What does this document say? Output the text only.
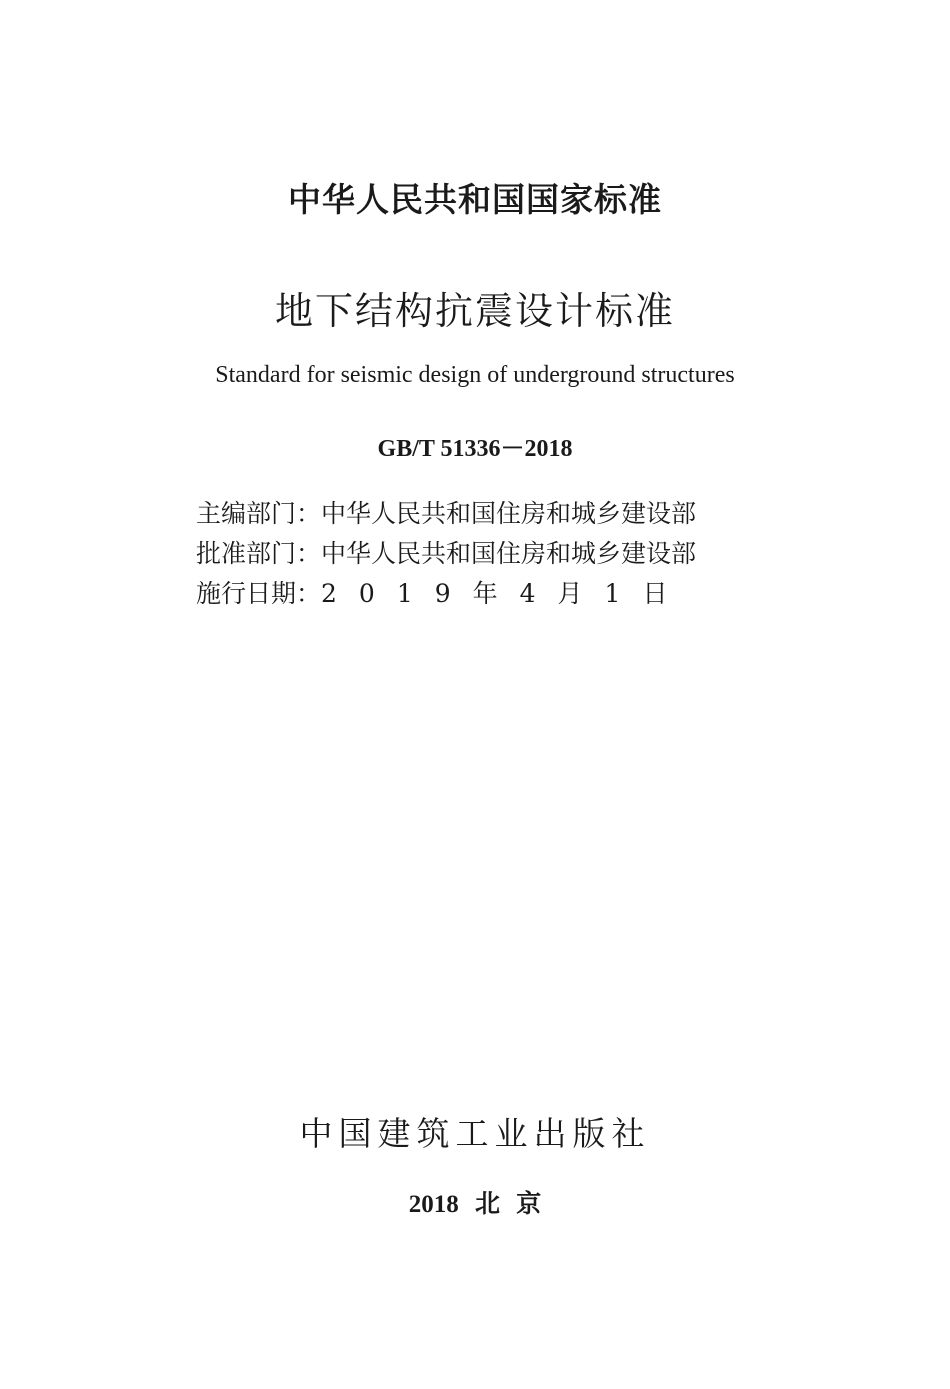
中华人民共和国国家标准
地下结构抗震设计标准
Standard for seismic design of underground structures
GB/T 51336－2018
主编部门：中华人民共和国住房和城乡建设部
批准部门：中华人民共和国住房和城乡建设部
施行日期：2019年4月1日
中国建筑工业出版社
2018 北 京
